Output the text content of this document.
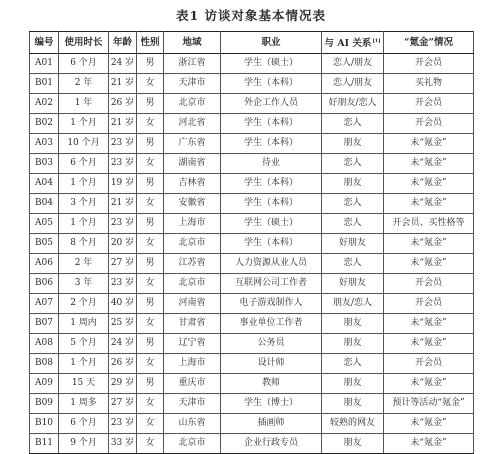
表1 访谈对象基本情况表
编号	使用时长	年龄	性别	地域	职业	与 AI 关系[1]	“氪金”情况
A01	6 个月	24 岁	男	浙江省	学生（硕士）	恋人/朋友	开会员
B01	2 年	21 岁	女	天津市	学生（本科）	恋人/朋友	买礼物
A02	1 年	26 岁	男	北京市	外企工作人员	好朋友/恋人	开会员
B02	1 个月	21 岁	女	河北省	学生（本科）	恋人	开会员
A03	10 个月	23 岁	男	广东省	学生（本科）	朋友	未“氪金”
B03	6 个月	23 岁	女	湖南省	待业	恋人	未“氪金”
A04	1 个月	19 岁	男	吉林省	学生（本科）	朋友	未“氪金”
B04	3 个月	21 岁	女	安徽省	学生（本科）	恋人	未“氪金”
A05	1 个月	23 岁	男	上海市	学生（硕士）	恋人	开会员、买性格等
B05	8 个月	20 岁	女	北京市	学生（本科）	好朋友	未“氪金”
A06	2 年	27 岁	男	江苏省	人力资源从业人员	恋人	未“氪金”
B06	3 年	23 岁	女	北京市	互联网公司工作者	好朋友	开会员
A07	2 个月	40 岁	男	河南省	电子游戏制作人	朋友/恋人	开会员
B07	1 周内	25 岁	女	甘肃省	事业单位工作者	朋友	未“氪金”
A08	5 个月	24 岁	男	辽宁省	公务员	朋友	未“氪金”
B08	1 个月	26 岁	女	上海市	设计师	恋人	开会员
A09	15 天	29 岁	男	重庆市	教师	朋友	未“氪金”
B09	1 周多	27 岁	女	天津市	学生（博士）	朋友	预计等活动“氪金”
B10	6 个月	23 岁	女	山东省	插画师	较熟的网友	未“氪金”
B11	9 个月	33 岁	女	北京市	企业行政专员	朋友	未“氪金”
